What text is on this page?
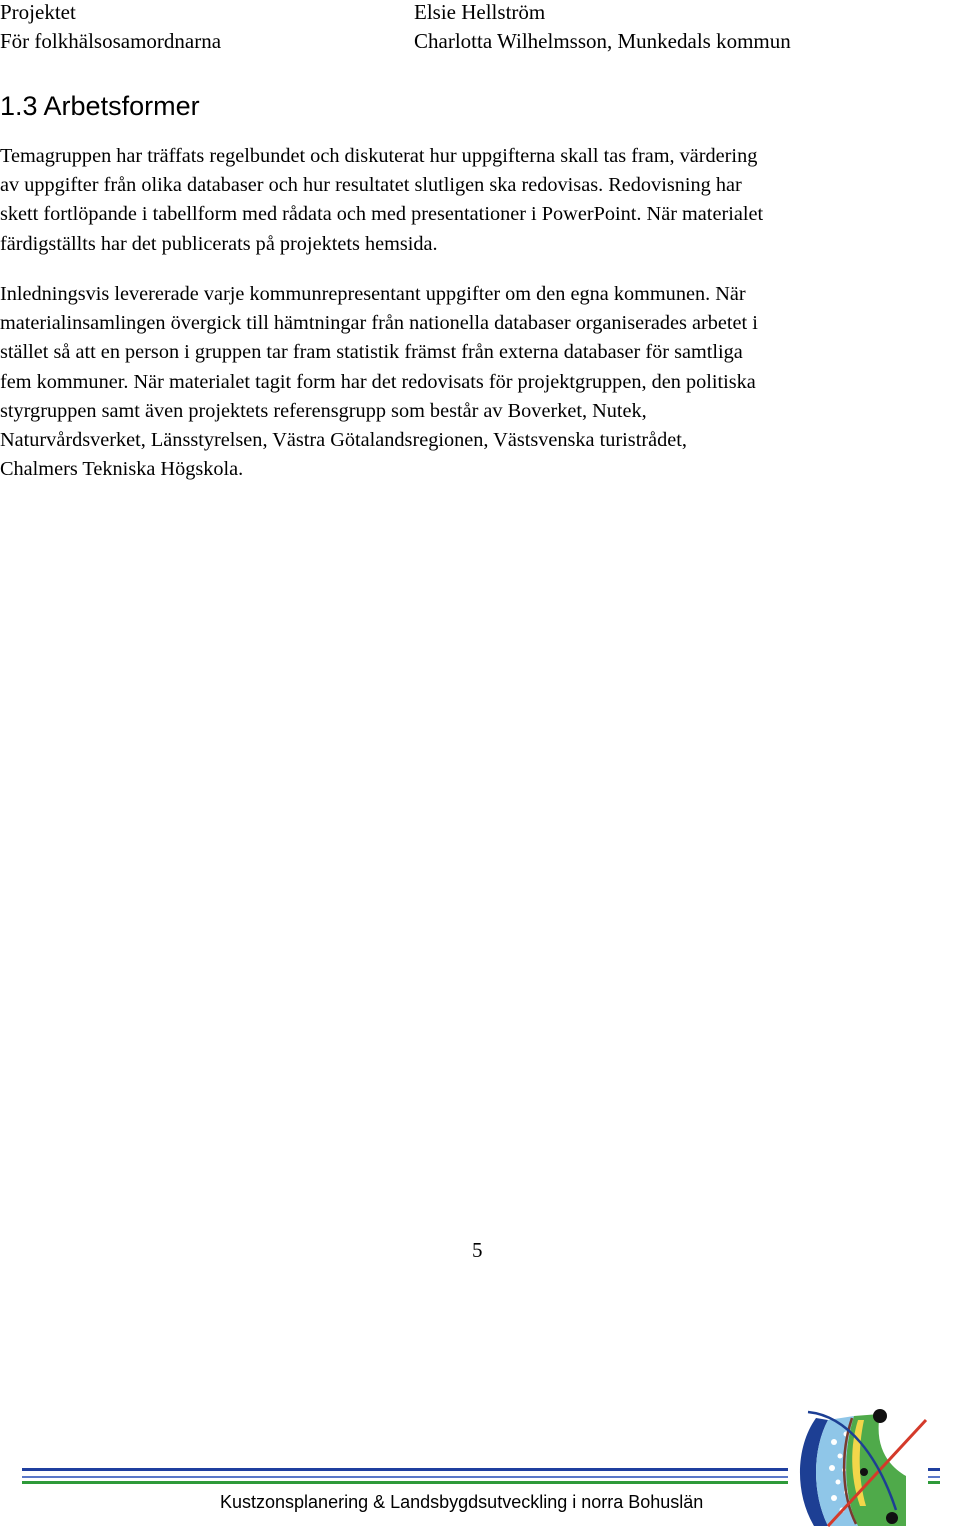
Projektet
För folkhälsosamordnarna
Elsie Hellström
Charlotta Wilhelmsson, Munkedals kommun
1.3 Arbetsformer

Temagruppen har träffats regelbundet och diskuterat hur uppgifterna skall tas fram, värdering
av uppgifter från olika databaser och hur resultatet slutligen ska redovisas. Redovisning har
skett fortlöpande i tabellform med rådata och med presentationer i PowerPoint. När materialet
färdigställts har det publicerats på projektets hemsida.

Inledningsvis levererade varje kommunrepresentant uppgifter om den egna kommunen. När
materialinsamlingen övergick till hämtningar från nationella databaser organiserades arbetet i
stället så att en person i gruppen tar fram statistik främst från externa databaser för samtliga
fem kommuner. När materialet tagit form har det redovisats för projektgruppen, den politiska
styrgruppen samt även projektets referensgrupp som består av Boverket, Nutek,
Naturvårdsverket, Länsstyrelsen, Västra Götalandsregionen, Västsvenska turistrådet,
Chalmers Tekniska Högskola.

5
Kustzonsplanering & Landsbygdsutveckling i norra Bohuslän
